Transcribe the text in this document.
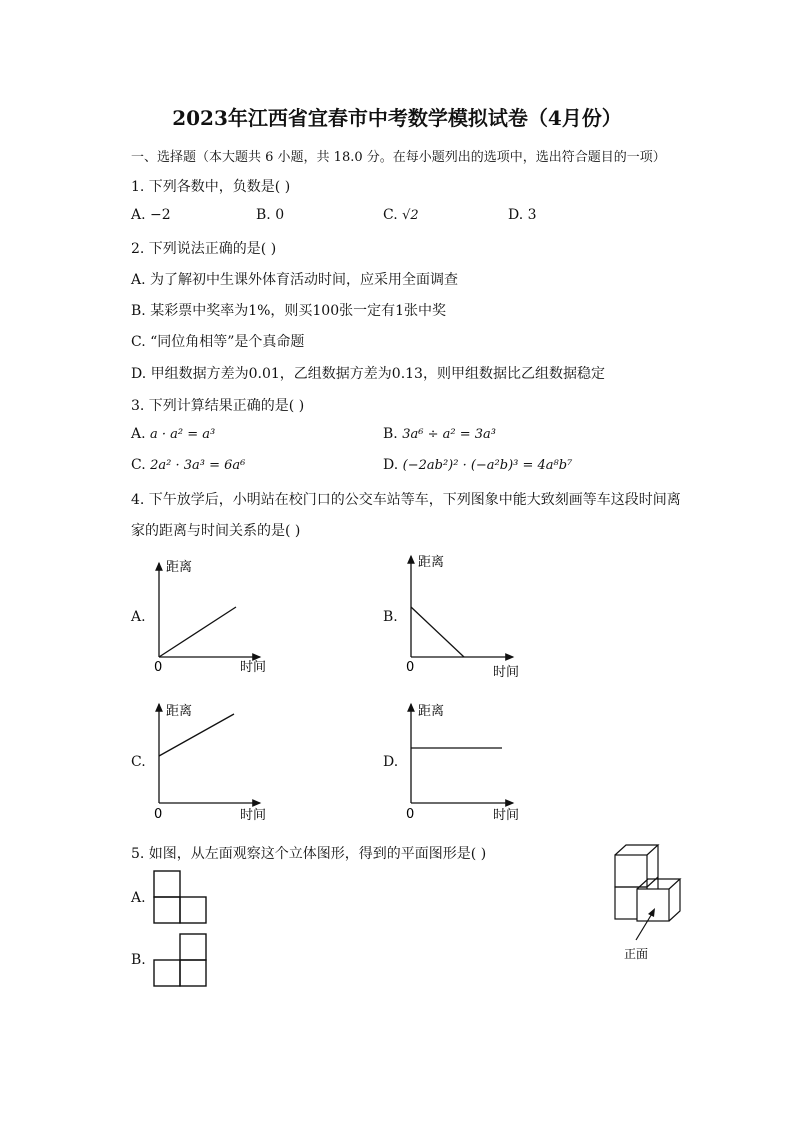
2023年江西省宜春市中考数学模拟试卷（4月份）
一、选择题（本大题共 6 小题，共 18.0 分。在每小题列出的选项中，选出符合题目的一项）
1. 下列各数中，负数是( )
A. −2	B. 0	C. √2	D. 3
2. 下列说法正确的是( )
A. 为了解初中生课外体育活动时间，应采用全面调查
B. 某彩票中奖率为1%，则买100张一定有1张中奖
C. “同位角相等”是个真命题
D. 甲组数据方差为0.01，乙组数据方差为0.13，则甲组数据比乙组数据稳定
3. 下列计算结果正确的是( )
A. a · a² = a³	B. 3a⁶ ÷ a² = 3a³
C. 2a² · 3a³ = 6a⁶	D. (−2ab²)² · (−a²b)³ = 4a⁸b⁷
4. 下午放学后，小明站在校门口的公交车站等车，下列图象中能大致刻画等车这段时间离
家的距离与时间关系的是( )
A.	B.
C.	D.
距离
时间
0
距离
时间
0
距离
时间
0
距离
时间
0
5. 如图，从左面观察这个立体图形，得到的平面图形是( )
A.
B.	正面
